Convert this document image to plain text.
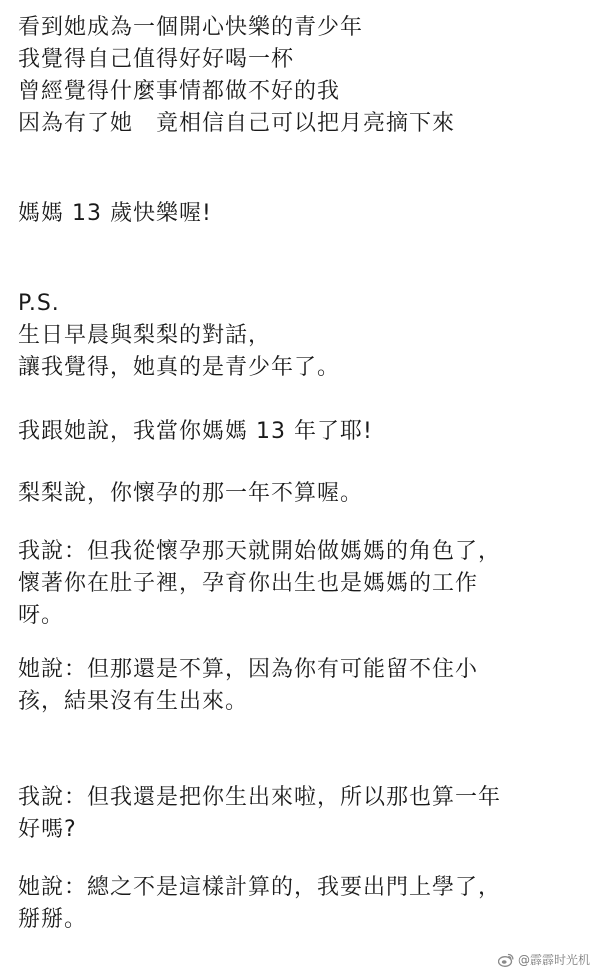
看到她成為一個開心快樂的青少年
我覺得自己值得好好喝一杯
曾經覺得什麼事情都做不好的我
因為有了她　竟相信自己可以把月亮摘下來
媽媽 13 歲快樂喔!
P.S.
生日早晨與梨梨的對話，
讓我覺得，她真的是青少年了。
我跟她說，我當你媽媽 13 年了耶!
梨梨說，你懷孕的那一年不算喔。
我說：但我從懷孕那天就開始做媽媽的角色了，
懷著你在肚子裡，孕育你出生也是媽媽的工作
呀。
她說：但那還是不算，因為你有可能留不住小
孩，結果沒有生出來。
我說：但我還是把你生出來啦，所以那也算一年
好嗎?
她說：總之不是這樣計算的，我要出門上學了，
掰掰。
@霹霹时光机
